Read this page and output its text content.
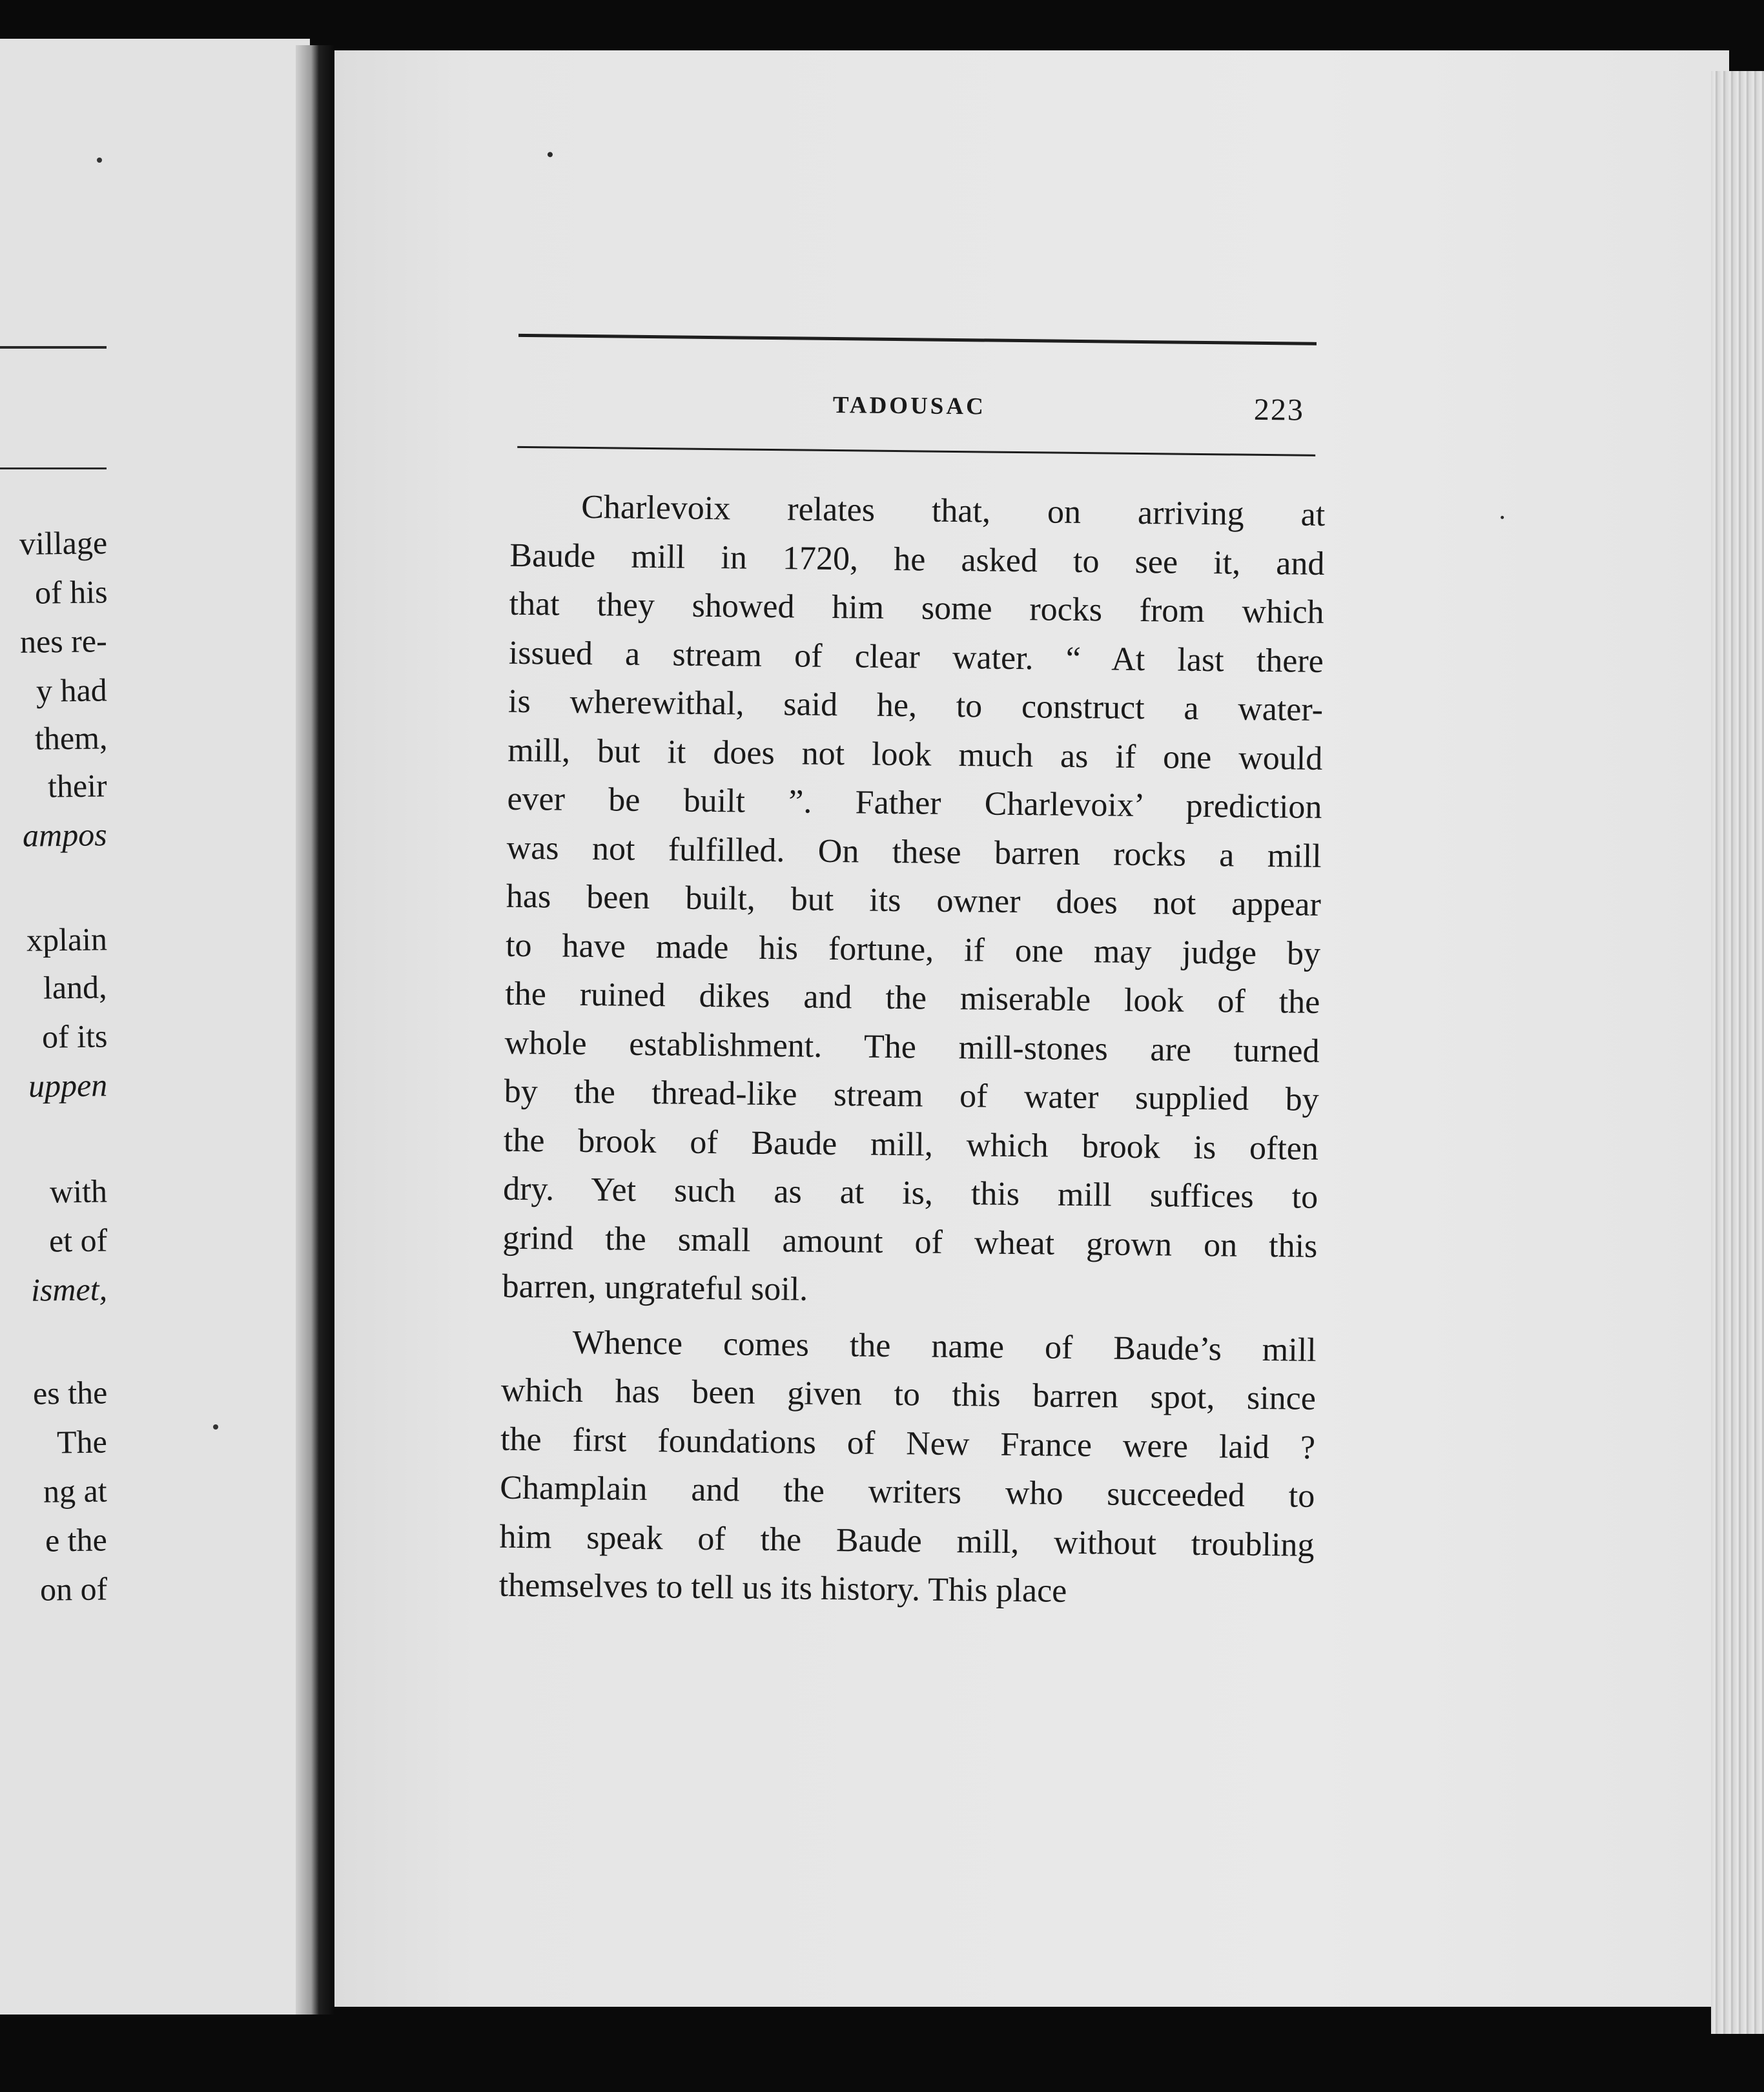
village
of his
nes re-
y had
them,
their
ampos
xplain
land,
of its
uppen
with
et of
ismet,
es the
The
ng at
e the
on of
TADOUSAC	223
Charlevoix relates that, on arriving at
Baude mill in 1720, he asked to see it, and
that they showed him some rocks from which
issued a stream of clear water. “ At last there
is wherewithal, said he, to construct a water-
mill, but it does not look much as if one would
ever be built ”. Father Charlevoix’ prediction
was not fulfilled. On these barren rocks a mill
has been built, but its owner does not appear
to have made his fortune, if one may judge by
the ruined dikes and the miserable look of the
whole establishment. The mill-stones are turned
by the thread-like stream of water supplied by
the brook of Baude mill, which brook is often
dry. Yet such as at is, this mill suffices to
grind the small amount of wheat grown on this
barren, ungrateful soil.
Whence comes the name of Baude’s mill
which has been given to this barren spot, since
the first foundations of New France were laid ?
Champlain and the writers who succeeded to
him speak of the Baude mill, without troubling
themselves to tell us its history. This place
